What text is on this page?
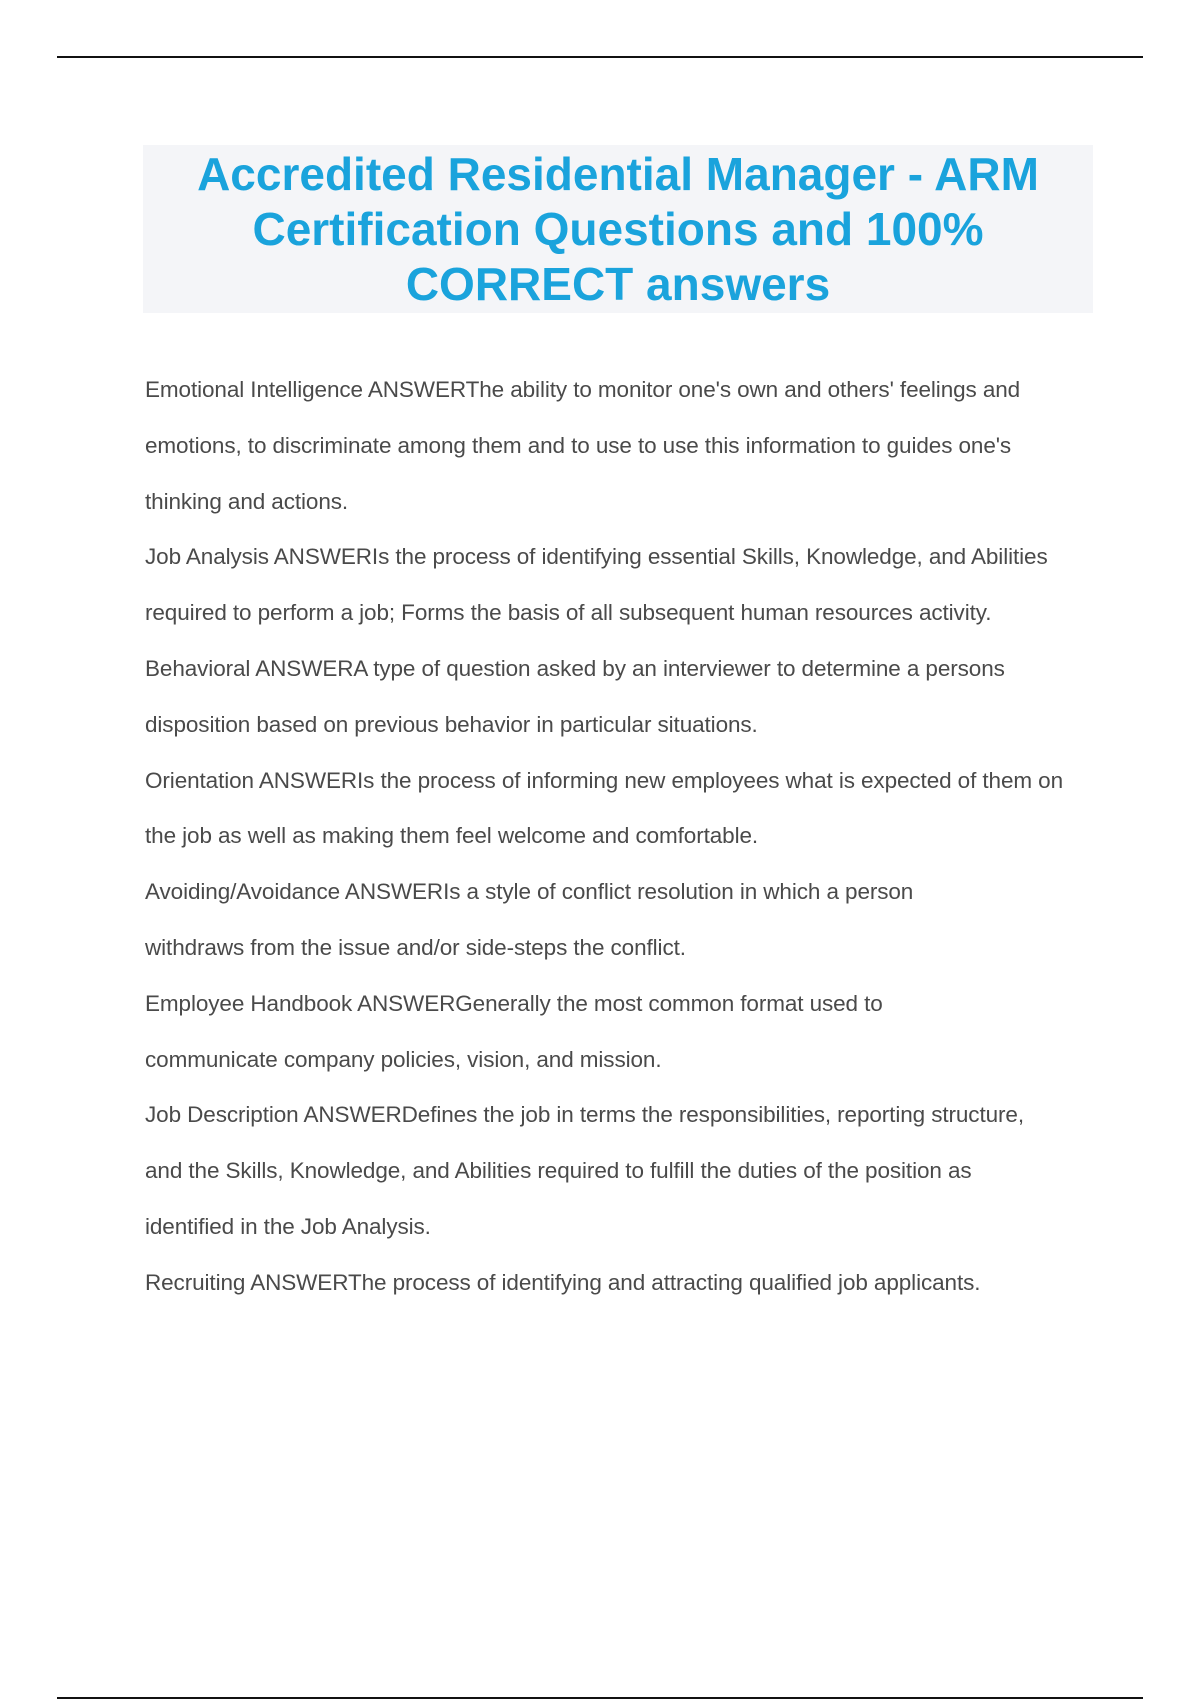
Accredited Residential Manager - ARM Certification Questions and 100% CORRECT answers

Emotional Intelligence ANSWERThe ability to monitor one's own and others' feelings and emotions, to discriminate among them and to use to use this information to guides one's thinking and actions.

Job Analysis ANSWERIs the process of identifying essential Skills, Knowledge, and Abilities required to perform a job; Forms the basis of all subsequent human resources activity.

Behavioral ANSWERA type of question asked by an interviewer to determine a persons disposition based on previous behavior in particular situations.

Orientation ANSWERIs the process of informing new employees what is expected of them on the job as well as making them feel welcome and comfortable.

Avoiding/Avoidance ANSWERIs a style of conflict resolution in which a person withdraws from the issue and/or side-steps the conflict.

Employee Handbook ANSWERGenerally the most common format used to communicate company policies, vision, and mission.

Job Description ANSWERDefines the job in terms the responsibilities, reporting structure, and the Skills, Knowledge, and Abilities required to fulfill the duties of the position as identified in the Job Analysis.

Recruiting ANSWERThe process of identifying and attracting qualified job applicants.
